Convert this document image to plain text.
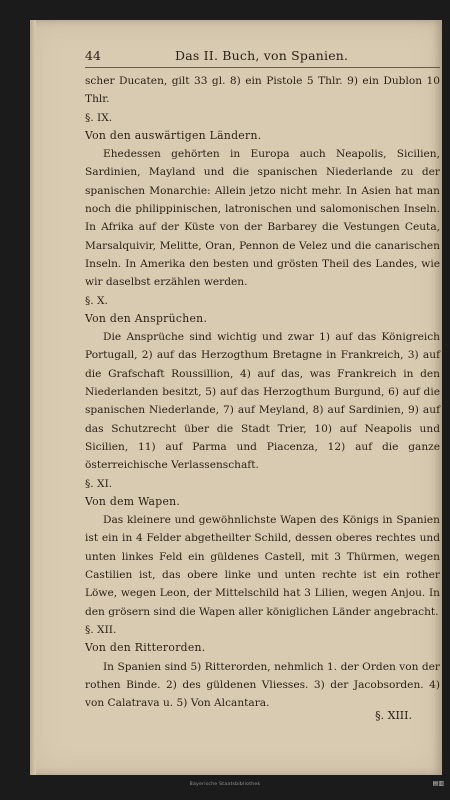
44	Das II. Buch, von Spanien.

scher Ducaten, gilt 33 gl. 8) ein Pistole 5 Thlr. 9) ein Dublon 10 Thlr.

§. IX.

Von den auswärtigen Ländern.

Ehedessen gehörten in Europa auch Neapolis, Sicilien, Sardinien, Mayland und die spanischen Niederlande zu der spanischen Monarchie: Allein jetzo nicht mehr. In Asien hat man noch die philippinischen, latronischen und salomonischen Inseln. In Afrika auf der Küste von der Barbarey die Vestungen Ceuta, Marsalquivir, Melitte, Oran, Pennon de Velez und die canarischen Inseln. In Amerika den besten und grösten Theil des Landes, wie wir daselbst erzählen werden.

§. X.

Von den Ansprüchen.

Die Ansprüche sind wichtig und zwar 1) auf das Königreich Portugall, 2) auf das Herzogthum Bretagne in Frankreich, 3) auf die Grafschaft Roussillion, 4) auf das, was Frankreich in den Niederlanden besitzt, 5) auf das Herzogthum Burgund, 6) auf die spanischen Niederlande, 7) auf Meyland, 8) auf Sardinien, 9) auf das Schutzrecht über die Stadt Trier, 10) auf Neapolis und Sicilien, 11) auf Parma und Piacenza, 12) auf die ganze österreichische Verlassenschaft.

§. XI.

Von dem Wapen.

Das kleinere und gewöhnlichste Wapen des Königs in Spanien ist ein in 4 Felder abgetheilter Schild, dessen oberes rechtes und unten linkes Feld ein güldenes Castell, mit 3 Thürmen, wegen Castilien ist, das obere linke und unten rechte ist ein rother Löwe, wegen Leon, der Mittelschild hat 3 Lilien, wegen Anjou. In den grösern sind die Wapen aller königlichen Länder angebracht.

§. XII.

Von den Ritterorden.

In Spanien sind 5) Ritterorden, nehmlich 1. der Orden von der rothen Binde. 2) des güldenen Vliesses. 3) der Jacobsorden. 4) von Calatrava u. 5) Von Alcantara.

§. XIII.
Bayerische Staatsbibliothek	▤▥
